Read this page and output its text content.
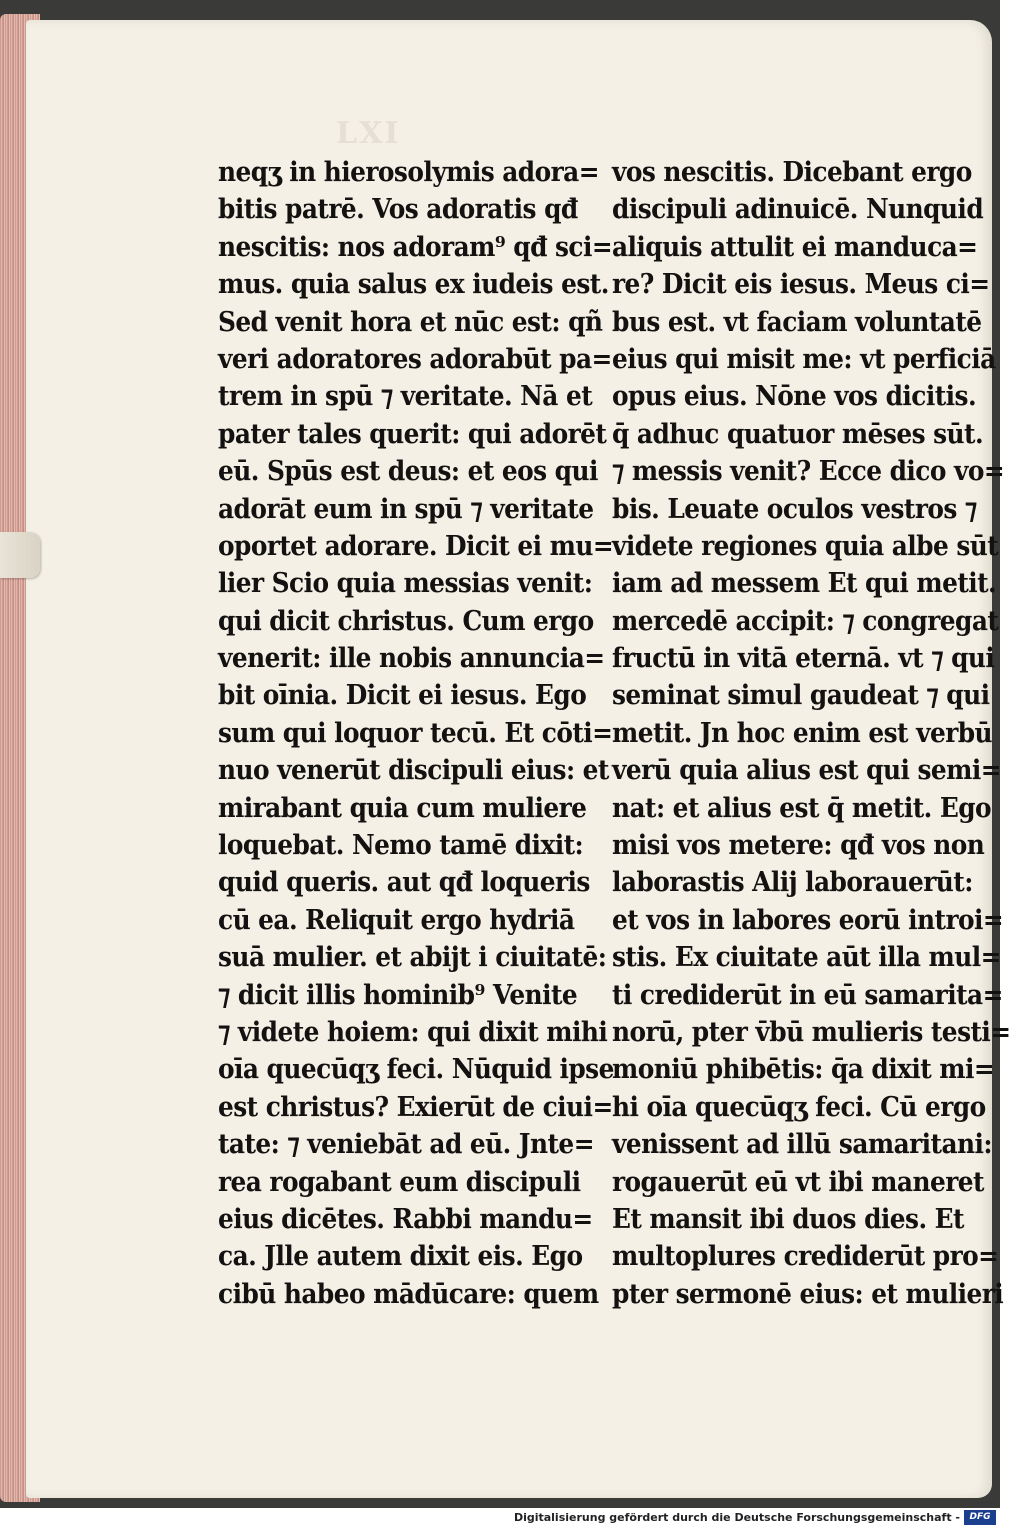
LXI
neqʒ in hierosolymis adora=
bitis patrē. Vos adoratis qđ
nescitis: nos adoram⁹ qđ sci=
mus. quia salus ex iudeis est.
Sed venit hora et nūc est: qñ
veri adoratores adorabūt pa=
trem in spū ⁊ veritate. Nā et
pater tales querit: qui adorēt
eū. Spūs est deus: et eos qui
adorāt eum in spū ⁊ veritate
oportet adorare. Dicit ei mu=
lier Scio quia messias venit:
qui dicit christus. Cum ergo
venerit: ille nobis annuncia=
bit oīnia. Dicit ei iesus. Ego
sum qui loquor tecū. Et cōti=
nuo venerūt discipuli eius: et
mirabant quia cum muliere
loquebat. Nemo tamē dixit:
quid queris. aut qđ loqueris
cū ea. Reliquit ergo hydriā
suā mulier. et abijt i ciuitatē:
⁊ dicit illis hominib⁹ Venite
⁊ videte hoiem: qui dixit mihi
oīa quecūqʒ feci. Nūquid ipse
est christus? Exierūt de ciui=
tate: ⁊ veniebāt ad eū. Jnte=
rea rogabant eum discipuli
eius dicētes. Rabbi mandu=
ca. Jlle autem dixit eis. Ego
cibū habeo mādūcare: quem
vos nescitis. Dicebant ergo
discipuli adinuicē. Nunquid
aliquis attulit ei manduca=
re? Dicit eis iesus. Meus ci=
bus est. vt faciam voluntatē
eius qui misit me: vt perficiā
opus eius. Nōne vos dicitis.
q̄ adhuc quatuor mēses sūt.
⁊ messis venit? Ecce dico vo=
bis. Leuate oculos vestros ⁊
videte regiones quia albe sūt
iam ad messem Et qui metit.
mercedē accipit: ⁊ congregat
fructū in vitā eternā. vt ⁊ qui
seminat simul gaudeat ⁊ qui
metit. Jn hoc enim est verbū
verū quia alius est qui semi=
nat: et alius est q̄ metit. Ego
misi vos metere: qđ vos non
laborastis Alij laborauerūt:
et vos in labores eorū introi=
stis. Ex ciuitate aūt illa mul=
ti crediderūt in eū samarita=
norū, pter v̄bū mulieris testi=
moniū phibētis: q̄a dixit mi=
hi oīa quecūqʒ feci. Cū ergo
venissent ad illū samaritani:
rogauerūt eū vt ibi maneret
Et mansit ibi duos dies. Et
multoplures crediderūt pro=
pter sermonē eius: et mulieri
Digitalisierung gefördert durch die Deutsche Forschungsgemeinschaft -	DFG
